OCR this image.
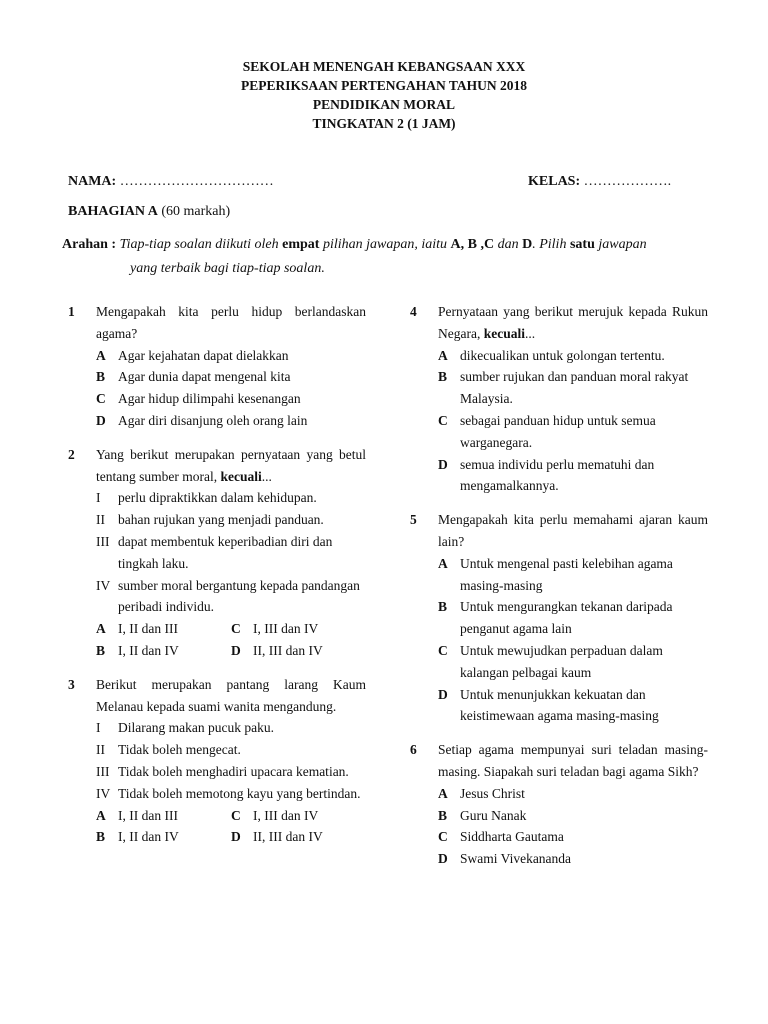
SEKOLAH MENENGAH KEBANGSAAN XXX
PEPERIKSAAN PERTENGAHAN TAHUN 2018
PENDIDIKAN MORAL
TINGKATAN 2 (1 JAM)
NAMA: ……………………………	KELAS: ……………….
BAHAGIAN A (60 markah)
Arahan : Tiap-tiap soalan diikuti oleh empat pilihan jawapan, iaitu A, B ,C dan D. Pilih satu jawapan
yang terbaik bagi tiap-tiap soalan.
1	Mengapakah kita perlu hidup berlandaskan agama?
A Agar kejahatan dapat dielakkan
B Agar dunia dapat mengenal kita
C Agar hidup dilimpahi kesenangan
D Agar diri disanjung oleh orang lain
2	Yang berikut merupakan pernyataan yang betul tentang sumber moral, kecuali...
I perlu dipraktikkan dalam kehidupan.
II bahan rujukan yang menjadi panduan.
III dapat membentuk keperibadian diri dan tingkah laku.
IV sumber moral bergantung kepada pandangan peribadi individu.
A I, II dan III	C I, III dan IV
B I, II dan IV	D II, III dan IV
3	Berikut merupakan pantang larang Kaum Melanau kepada suami wanita mengandung.
I Dilarang makan pucuk paku.
II Tidak boleh mengecat.
III Tidak boleh menghadiri upacara kematian.
IV Tidak boleh memotong kayu yang bertindan.
A I, II dan III	C I, III dan IV
B I, II dan IV	D II, III dan IV
4	Pernyataan yang berikut merujuk kepada Rukun Negara, kecuali...
A dikecualikan untuk golongan tertentu.
B sumber rujukan dan panduan moral rakyat Malaysia.
C sebagai panduan hidup untuk semua warganegara.
D semua individu perlu mematuhi dan mengamalkannya.
5	Mengapakah kita perlu memahami ajaran kaum lain?
A Untuk mengenal pasti kelebihan agama masing-masing
B Untuk mengurangkan tekanan daripada penganut agama lain
C Untuk mewujudkan perpaduan dalam kalangan pelbagai kaum
D Untuk menunjukkan kekuatan dan keistimewaan agama masing-masing
6	Setiap agama mempunyai suri teladan masing-masing. Siapakah suri teladan bagi agama Sikh?
A Jesus Christ
B Guru Nanak
C Siddharta Gautama
D Swami Vivekananda
